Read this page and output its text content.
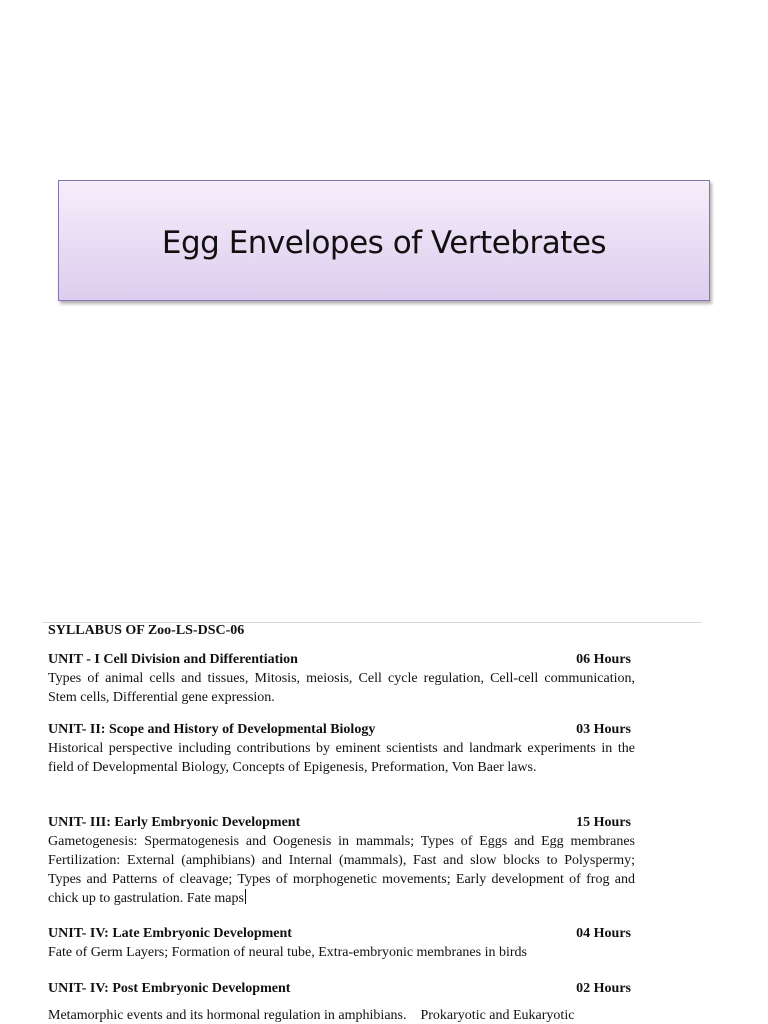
Egg Envelopes of Vertebrates
SYLLABUS OF Zoo-LS-DSC-06
UNIT - I Cell Division and Differentiation	06 Hours
Types of animal cells and tissues, Mitosis, meiosis, Cell cycle regulation, Cell-cell communication, Stem cells, Differential gene expression.
UNIT- II: Scope and History of Developmental Biology	03 Hours
Historical perspective including contributions by eminent scientists and landmark experiments in the field of Developmental Biology, Concepts of Epigenesis, Preformation, Von Baer laws.
UNIT- III: Early Embryonic Development	15 Hours
Gametogenesis: Spermatogenesis and Oogenesis in mammals; Types of Eggs and Egg membranes Fertilization: External (amphibians) and Internal (mammals), Fast and slow blocks to Polyspermy; Types and Patterns of cleavage; Types of morphogenetic movements; Early development of frog and chick up to gastrulation. Fate maps
UNIT- IV: Late Embryonic Development	04 Hours
Fate of Germ Layers; Formation of neural tube, Extra-embryonic membranes in birds
UNIT- IV: Post Embryonic Development	02 Hours
Metamorphic events and its hormonal regulation in amphibians.    Prokaryotic and Eukaryotic
